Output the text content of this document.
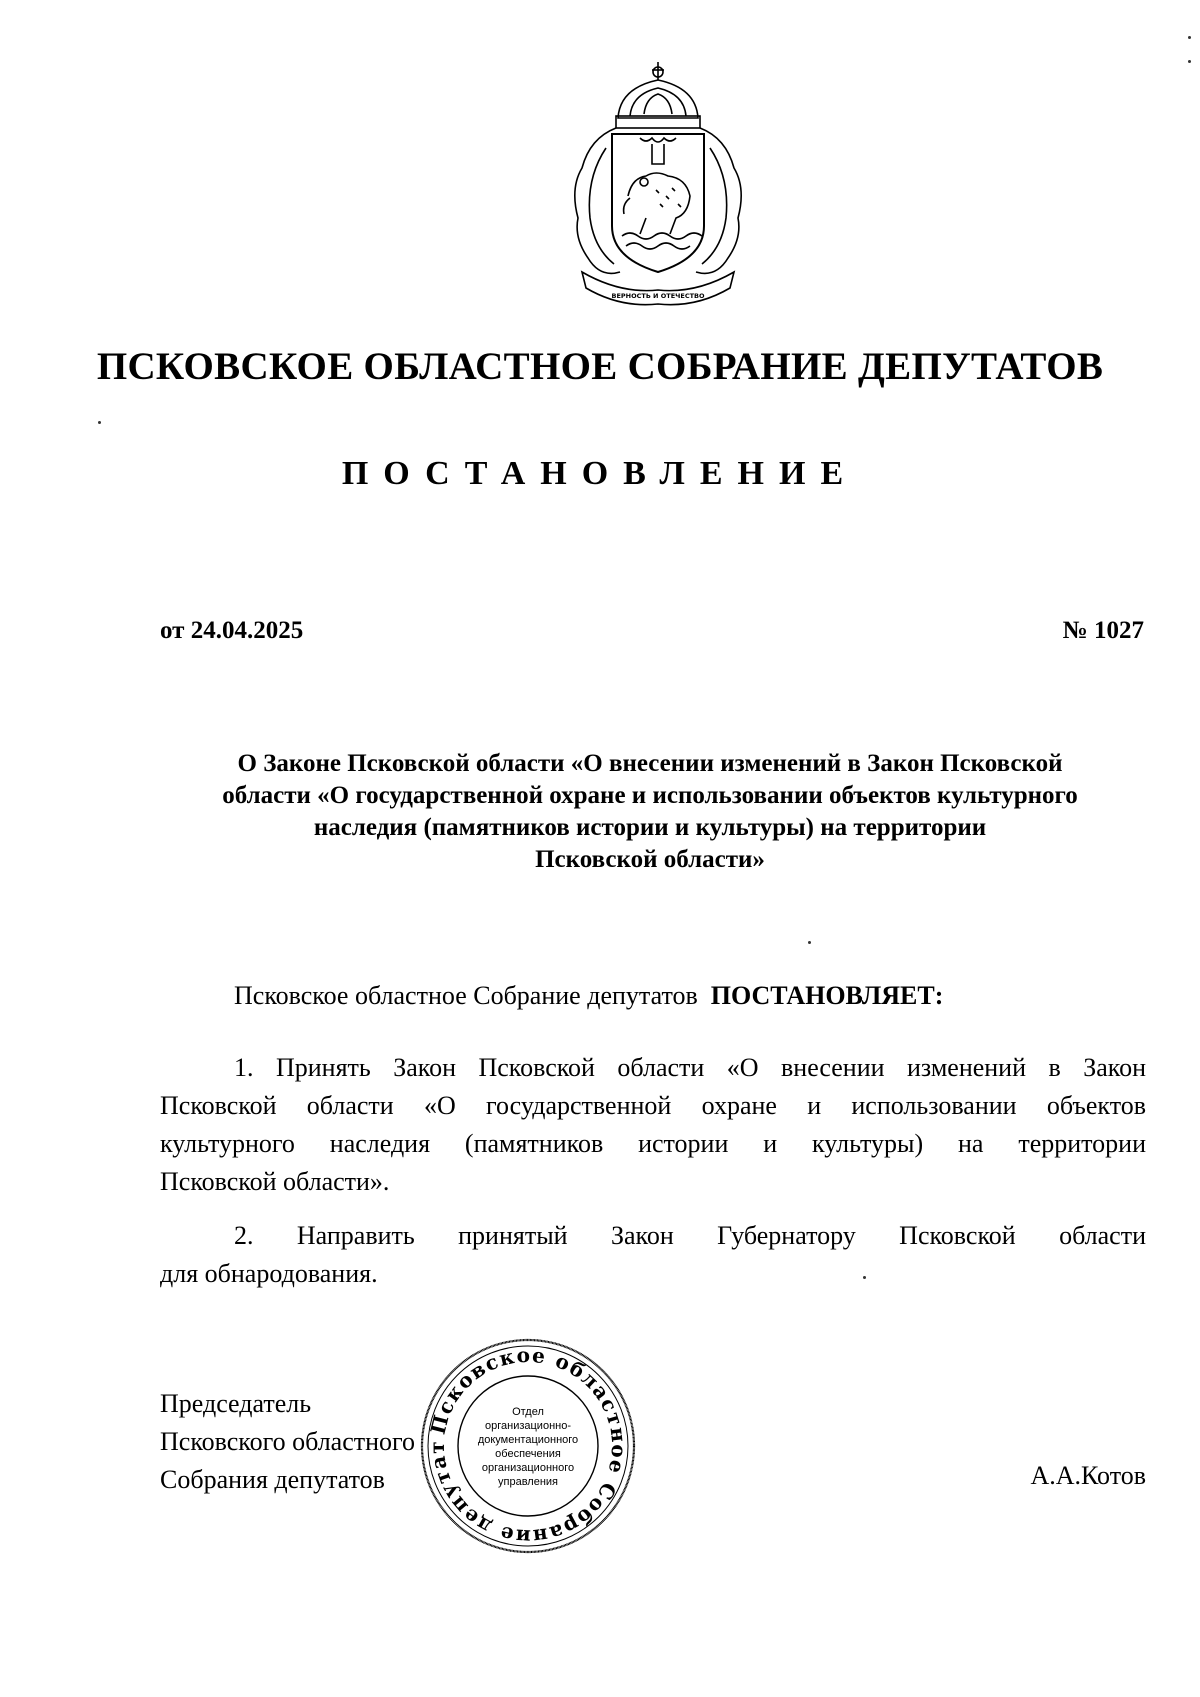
ВЕРНОСТЬ И ОТЕЧЕСТВО
ПСКОВСКОЕ ОБЛАСТНОЕ СОБРАНИЕ ДЕПУТАТОВ
ПОСТАНОВЛЕНИЕ
от 24.04.2025	№ 1027
О Законе Псковской области «О внесении изменений в Закон Псковской
области «О государственной охране и использовании объектов культурного
наследия (памятников истории и культуры) на территории
Псковской области»
Псковское областное Собрание депутатов ПОСТАНОВЛЯЕТ:
1. Принять Закон Псковской области «О внесении изменений в Закон
Псковской области «О государственной охране и использовании объектов
культурного наследия (памятников истории и культуры) на территории
Псковской области».
2. Направить принятый Закон Губернатору Псковской области
для обнародования.
Председатель
Псковского областного
Собрания депутатов	А.А.Котов
Псковское областное Собрание депутат
Отдел
организационно-
документационного
обеспечения
организационного
управления
